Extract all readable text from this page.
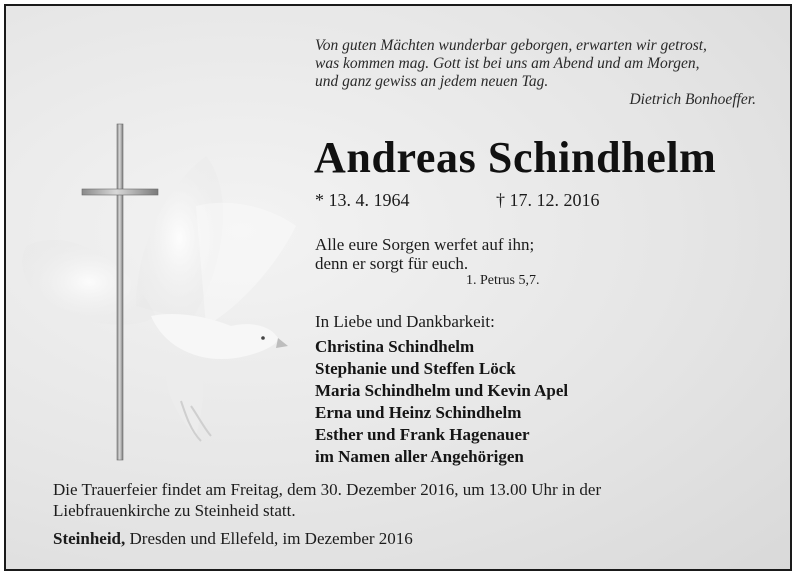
Von guten Mächten wunderbar geborgen, erwarten wir getrost,
was kommen mag. Gott ist bei uns am Abend und am Morgen,
und ganz gewiss an jedem neuen Tag.
Dietrich Bonhoeffer.
Andreas Schindhelm
* 13. 4. 1964	† 17. 12. 2016
Alle eure Sorgen werfet auf ihn;
denn er sorgt für euch.
1. Petrus 5,7.
In Liebe und Dankbarkeit:
Christina Schindhelm
Stephanie und Steffen Löck
Maria Schindhelm und Kevin Apel
Erna und Heinz Schindhelm
Esther und Frank Hagenauer
im Namen aller Angehörigen
Die Trauerfeier findet am Freitag, dem 30. Dezember 2016, um 13.00 Uhr in der
Liebfrauenkirche zu Steinheid statt.
Steinheid, Dresden und Ellefeld, im Dezember 2016
